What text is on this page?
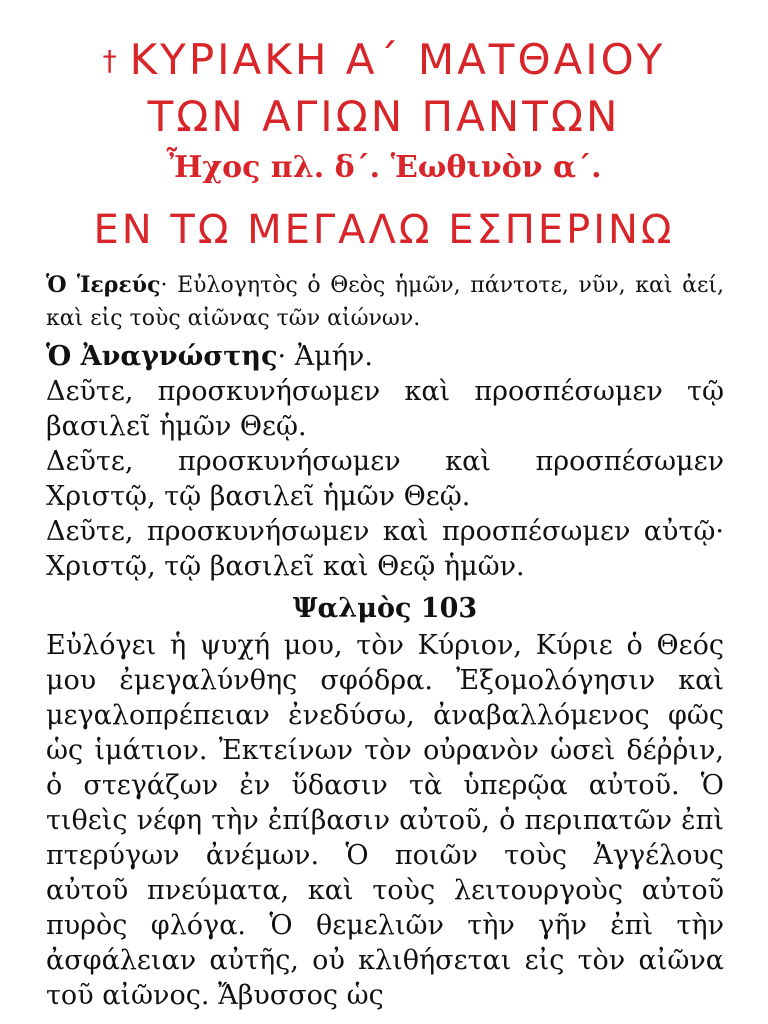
† ΚΥΡΙΑΚΗ Α΄ ΜΑΤΘΑΙΟΥ
ΤΩΝ ΑΓΙΩΝ ΠΑΝΤΩΝ
Ἦχος πλ. δ΄. Ἑωθινὸν α΄.
ΕΝ ΤΩ ΜΕΓΑΛΩ ΕΣΠΕΡΙΝΩ

Ὁ Ἱερεύς· Εὐλογητὸς ὁ Θεὸς ἡμῶν, πάντοτε, νῦν, καὶ ἀεί, καὶ εἰς τοὺς αἰῶνας τῶν αἰώνων.

Ὁ Ἀναγνώστης· Ἀμήν.

Δεῦτε, προσκυνήσωμεν καὶ προσπέσωμεν τῷ βασιλεῖ ἡμῶν Θεῷ.

Δεῦτε, προσκυνήσωμεν καὶ προσπέσωμεν Χριστῷ, τῷ βασιλεῖ ἡμῶν Θεῷ.

Δεῦτε, προσκυνήσωμεν καὶ προσπέσωμεν αὐτῷ· Χριστῷ, τῷ βασιλεῖ καὶ Θεῷ ἡμῶν.

Ψαλμὸς 103

Εὐλόγει ἡ ψυχή μου, τὸν Κύριον, Κύριε ὁ Θεός μου ἐμεγαλύνθης σφόδρα. Ἐξομολόγησιν καὶ μεγαλοπρέπειαν ἐνεδύσω, ἀναβαλλόμενος φῶς ὡς ἱμάτιον. Ἐκτείνων τὸν οὐρανὸν ὡσεὶ δέῤῥιν, ὁ στεγάζων ἐν ὕδασιν τὰ ὑπερῷα αὐτοῦ. Ὁ τιθεὶς νέφη τὴν ἐπίβασιν αὐτοῦ, ὁ περιπατῶν ἐπὶ πτερύγων ἀνέμων. Ὁ ποιῶν τοὺς Ἀγγέλους αὐτοῦ πνεύματα, καὶ τοὺς λειτουργοὺς αὐτοῦ πυρὸς φλόγα. Ὁ θεμελιῶν τὴν γῆν ἐπὶ τὴν ἀσφάλειαν αὐτῆς, οὐ κλιθήσεται εἰς τὸν αἰῶνα τοῦ αἰῶνος. Ἄβυσσος ὡς
